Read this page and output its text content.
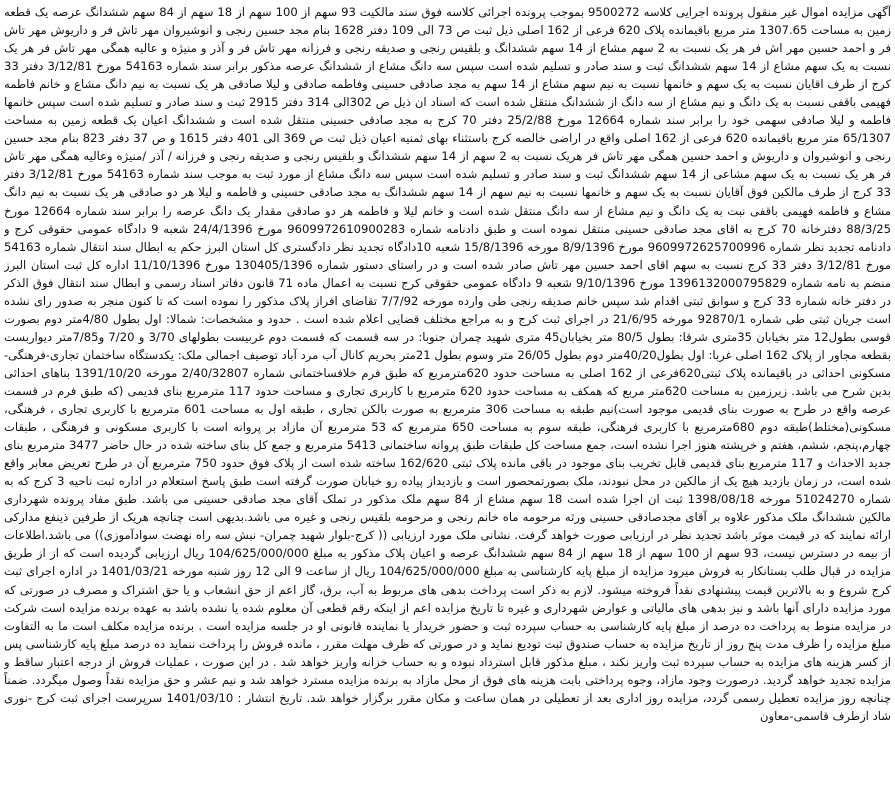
آگهی مزایده اموال غیر منقول پرونده اجرایی کلاسه 9500272 بموجب پرونده اجرائی کلاسه فوق سند مالکیت 93 سهم از 100 سهم از 18 سهم از 84 سهم ششدانگ عرصه یک قطعه زمین به مساحت 1307.65 متر مربع باقیمانده پلاک 620 فرعی از 162 اصلی ذیل ثبت ص 73 الی 109 دفتر 1628 بنام مجد حسین رنجی و انوشیروان مهر تاش فر و داریوش مهر تاش فر و احمد حسین مهر اش فر هر یک نسبت به 2 سهم مشاع از 14 سهم ششدانگ و بلقیس رنجی و صدیقه رنجی و فرزانه مهر تاش فر و آذر و منیژه و عالیه همگی مهر تاش فر هر یک نسبت به یک سهم مشاع از 14 سهم ششدانگ ثبت و سند صادر و تسلیم شده است سپس سه دانگ مشاع از ششدانگ عرصه مذکور برابر سند شماره 54163 مورخ 3/12/81 دفتر 33 کرج از طرف اقایان نسبت به یک سهم و خانمها نسبت به نیم سهم مشاع از 14 سهم به مجد صادقی حسینی وفاطمه صادقی و لیلا صادقی هر یک نسبت به نیم دانگ مشاع و خانم فاطمه فهیمی باقفی نسبت به یک دانگ و نیم مشاع از سه دانگ از ششدانگ منتقل شده است که اسناد ان ذیل ص 302الی 314 دفتر 2915 ثبت و سند صادر و تسلیم شده است سپس خانمها فاطمه و لیلا صادقی سهمی خود را برابر سند شماره 12664 مورخ 25/2/88 دفتر 70 کرج به مجد صادقی حسینی منتقل شده است و ششدانگ اعیان یک قطعه زمین به مساحت 65/1307 متر مربع باقیمانده 620 فرعی از 162 اصلی واقع در اراضی خالصه کرج باستثناء بهای ثمنیه اعیان ذیل ثبت ص 369 الی 401 دفتر 1615 و ص 37 دفتر 823 بنام مجد حسین رنجی و انوشیروان و داریوش و احمد حسین همگی مهر تاش فر هریک نسبت به 2 سهم از 14 سهم ششدانگ و بلقیس رنجی و صدیقه رنجی و فرزانه / آذر /منیژه وعالیه همگی مهر تاش فر هر یک نسبت به یک سهم مشاعی از 14 سهم ششدانگ ثبت و سند صادر و تسلیم شده است سپس سه دانگ مشاع از مورد ثبت به موجب سند شماره 54163 مورخ 3/12/81 دفتر 33 کرج از طرف مالکین فوق آقایان نسبت به یک سهم و خانمها نسبت به نیم سهم از 14 سهم ششدانگ به مجد صادقی حسینی و فاطمه و لیلا هر دو صادقی هر یک نسبت به نیم دانگ مشاع و فاطمه فهیمی باقفی نبت به یک دانگ و نیم مشاع از سه دانگ منتقل شده است و خانم لیلا و فاطمه هر دو صادقی مقدار یک دانگ عرصه را برابر سند شماره 12664 مورخ 88/3/25 دفترخانه 70 کرج به اقای مجد صادقی حسینی منتقل نموده است و طبق دادنامه شماره 9609972610900283 مورخ 24/4/1396 شعبه 9 دادگاه عمومی حقوقی کرج و دادنامه تجدید نظر شماره 9609972625700996 مورخ 8/9/1396 مورخه 15/8/1396 شعبه 10دادگاه تجدید نظر دادگستری کل استان البرز حکم به ابطال سند انتقال شماره 54163 مورخ 3/12/81 دفتر 33 کرج نسبت به سهم اقای احمد حسین مهر تاش صادر شده است و در راستای دستور شماره 130405/1396 مورخ 11/10/1396 اداره کل ثبت استان البرز منضم به نامه شماره 1396132000795829 مورخ 9/10/1396 شعبه 9 دادگاه عمومی حقوقی کرج نسبت به اعمال ماده 71 قانون دفاتر اسناد رسمی و ابطال سند انتقال فوق الذکر در دفتر خانه شماره 33 کرج و سوابق ثبتی اقدام شد سپس خانم صدیقه رنجی طی وارده مورخه 7/7/92 تقاضای افراز پلاک مذکور را نموده است که تا کنون منجر به صدور رای نشده است جریان ثبتی طی شماره 92870/1 مورخه 21/6/95 در اجرای ثبت کرج و به مراجع مختلف قضایی اعلام شده است . حدود و مشخصات: شمالا: اول بطول 4/80متر دوم بصورت قوسی بطول12 متر بخیابان 35متری شرقا: بطول 80/5 متر بخیابان45 متری شهید چمران جنوبا: در سه قسمت که قسمت دوم غربیست بطولهای 3/70 و 7/20 و7/85متر دیواربست بقطعه مجاور از پلاک 162 اصلی غربا: اول بطول40/20متر دوم بطول 26/05 متر وسوم بطول 21متر بحریم کانال آب مرد آباد توصیف اجمالی ملک: یکدستگاه ساختمان تجاری-فرهنگی-مسکونی احداثی در باقیمانده پلاک ثبتی620فرعی از 162 اصلی به مساحت حدود 620مترمربع که طبق فرم خلافساختمانی شماره 2/40/32807 مورخه 1391/10/20 بناهای احداثی بدین شرح می باشد. زیرزمین به مساحت 620متر مربع که همکف به مساحت حدود 620 مترمربع با کاربری تجاری و مساحت حدود 117 مترمربع بنای قدیمی (که طبق فرم در قسمت عرصه واقع در طرح به صورت بنای قدیمی موجود است)نیم طبقه به مساحت 306 مترمربع به صورت بالکن تجاری ، طبقه اول به مساحت 601 مترمربع با کاربری تجاری ، فرهنگی، مسکونی(مختلط)طبقه دوم 680مترمربع با کاربری فرهنگی، طبقه سوم به مساحت 650 مترمربع که 53 مترمربع آن مازاد بر پروانه است با کاربری مسکونی و فرهنگی ، طبقات چهارم،پنجم، ششم، هفتم و خرپشته هنوز اجرا نشده است، جمع مساحت کل طبقات طبق پروانه ساختمانی 5413 مترمربع و جمع کل بنای ساخته شده در حال حاضر 3477 مترمربع بنای جدید الاحداث و 117 مترمربع بنای قدیمی قابل تخریب بنای موجود در باقی مانده پلاک ثبتی 162/620 ساخته شده است از پلاک فوق حدود 750 مترمربع آن در طرح تعریض معابر واقع شده است، در زمان بازدید هیچ یک از مالکین در محل نبودند، ملک بصورتمحصور است و بازدیداز پیاده رو خیابان صورت گرفته است طبق پاسخ استعلام در اداره ثبت ناحیه 3 کرج که به شماره 51024270 مورخه 1398/08/18 ثبت ان اجرا شده است 18 سهم مشاع از 84 سهم ملک مذکور در تملک آقای مجد صادقی حسینی می باشد. طبق مفاد پرونده شهرداری مالکین ششدانگ ملک مذکور علاوه بر آقای مجدصادقی حسینی ورثه مرحومه ماه خانم رنجی و مرحومه بلقیس رنجی و غیره می باشد.بدیهی است چنانچه هریک از طرفین ذینفع مدارکی ارائه نمایند که در قیمت موثر باشد تجدید نظر در ارزیابی صورت خواهد گرفت. نشانی ملک مورد ارزیابی (( کرج-بلوار شهید چمران- نبش سه راه نهضت سوادآموزی)) می باشد.اطلاعات از بیمه در دسترس نیست، 93 سهم از 100 سهم از 18 سهم از 84 سهم ششدانگ عرصه و اعیان پلاک مذکور به مبلغ 104/625/000/000 ریال ارزیابی گردیده است که از از طریق مزایده در قبال طلب بستانکار به فروش میرود مزایده از مبلغ پایه کارشناسی به مبلغ 104/625/000/000 ریال از ساعت 9 الی 12 روز شنبه مورخه 1401/03/21 در اداره اجرای ثبت کرج شروع و به بالاترین قیمت پیشنهادی نقداً فروخته میشود. لازم به ذکر است پرداخت بدهی های مربوط به آب، برق، گاز اعم از حق انشعاب و یا حق اشتراک و مصرف در صورتی که مورد مزایده دارای آنها باشد و نیز بدهی های مالیاتی و عوارض شهرداری و غیره تا تاریخ مزایده اعم از اینکه رقم قطعی آن معلوم شده یا نشده باشد به عهده برنده مزایده است شرکت در مزایده منوط به پرداخت ده درصد از مبلغ پایه کارشناسی به حساب سپرده ثبت و حضور خریدار یا نماینده قانونی او در جلسه مزایده است . برنده مزایده مکلف است ما به التفاوت مبلغ مزایده را ظرف مدت پنج روز از تاریخ مزایده به حساب صندوق ثبت تودیع نماید و در صورتی که ظرف مهلت مقرر ، مانده فروش را پرداخت ننماید ده درصد مبلغ پایه کارشناسی پس از کسر هزینه های مزایده به حساب سپرده ثبت واریز نکند ، مبلغ مذکور قابل استرداد نبوده و به حساب خزانه واریز خواهد شد . در این صورت ، عملیات فروش از درجه اعتبار ساقط و مزایده تجدید خواهد گردید. درصورت وجود مازاد، وجوه پرداختی بابت هزینه های فوق از محل مازاد به برنده مزایده مسترد خواهد شد و نیم عشر و حق مزایده نقداً وصول میگردد. ضمناً چنانچه روز مزایده تعطیل رسمی گردد، مزایده روز اداری بعد از تعطیلی در همان ساعت و مکان مقرر برگزار خواهد شد. تاریخ انتشار : 1401/03/10 سرپرست اجرای ثبت کرج -نوری شاد ازطرف قاسمی-معاون
